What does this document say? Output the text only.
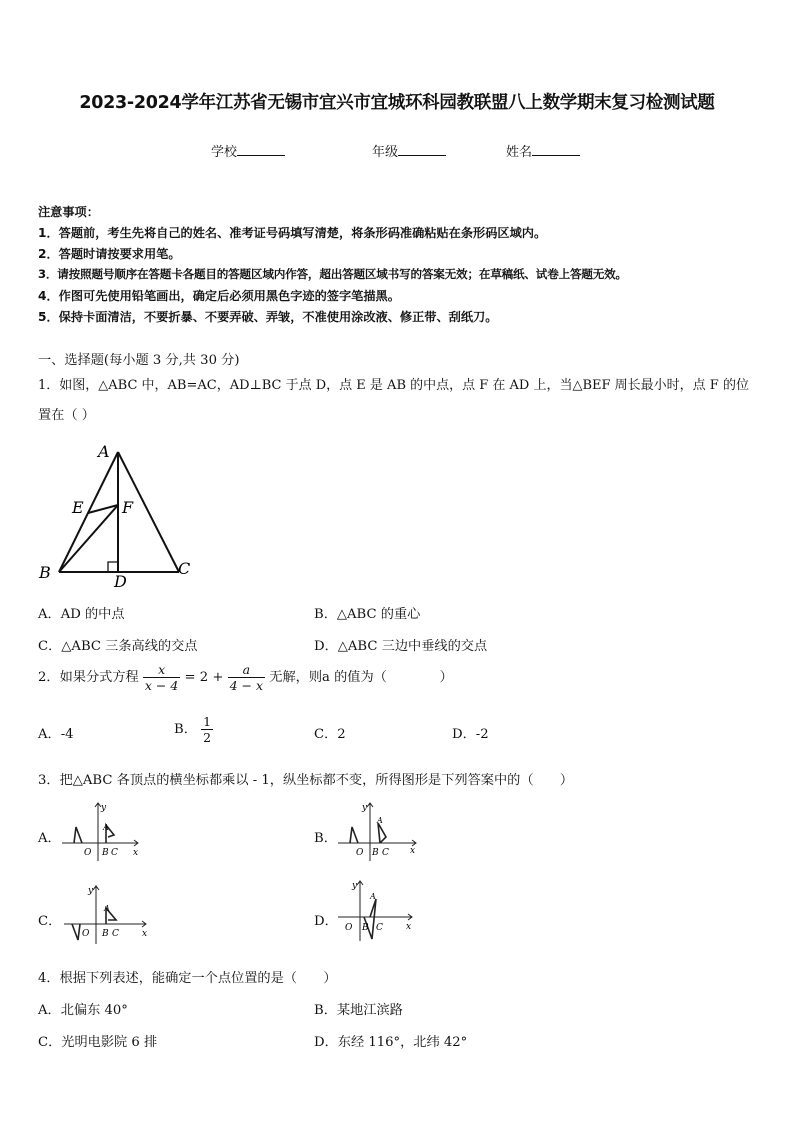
2023-2024学年江苏省无锡市宜兴市宜城环科园教联盟八上数学期末复习检测试题
学校	年级	姓名
注意事项：
1．答题前，考生先将自己的姓名、准考证号码填写清楚，将条形码准确粘贴在条形码区域内。
2．答题时请按要求用笔。
3．请按照题号顺序在答题卡各题目的答题区域内作答，超出答题区域书写的答案无效；在草稿纸、试卷上答题无效。
4．作图可先使用铅笔画出，确定后必须用黑色字迹的签字笔描黑。
5．保持卡面清洁，不要折暴、不要弄破、弄皱，不准使用涂改液、修正带、刮纸刀。
一、选择题(每小题 3 分,共 30 分)
1．如图，△ABC 中，AB=AC，AD⊥BC 于点 D，点 E 是 AB 的中点，点 F 在 AD 上，当△BEF 周长最小时，点 F 的位
置在（ ）
A
E F
B	C
D
A．AD 的中点	B．△ABC 的重心
C．△ABC 三条高线的交点	D．△ABC 三边中垂线的交点
2．如果分式方程 $\frac{x}{x - 4} = 2 + \frac{a}{4 - x}$ 无解，则a 的值为（　　　　）
A．-4	B． $\frac{1}{2}$	C．2	D．-2
3．把△ABC 各顶点的横坐标都乘以 - 1，纵坐标都不变，所得图形是下列答案中的（　　）
A．
y
x
O
A
B C
B．
y
x
O
A
B C
C．
y
x
O
A
B C
D．
y
x
O
A
B C
4．根据下列表述，能确定一个点位置的是（　　）
A．北偏东 40°	B．某地江滨路
C．光明电影院 6 排	D．东经 116°，北纬 42°
